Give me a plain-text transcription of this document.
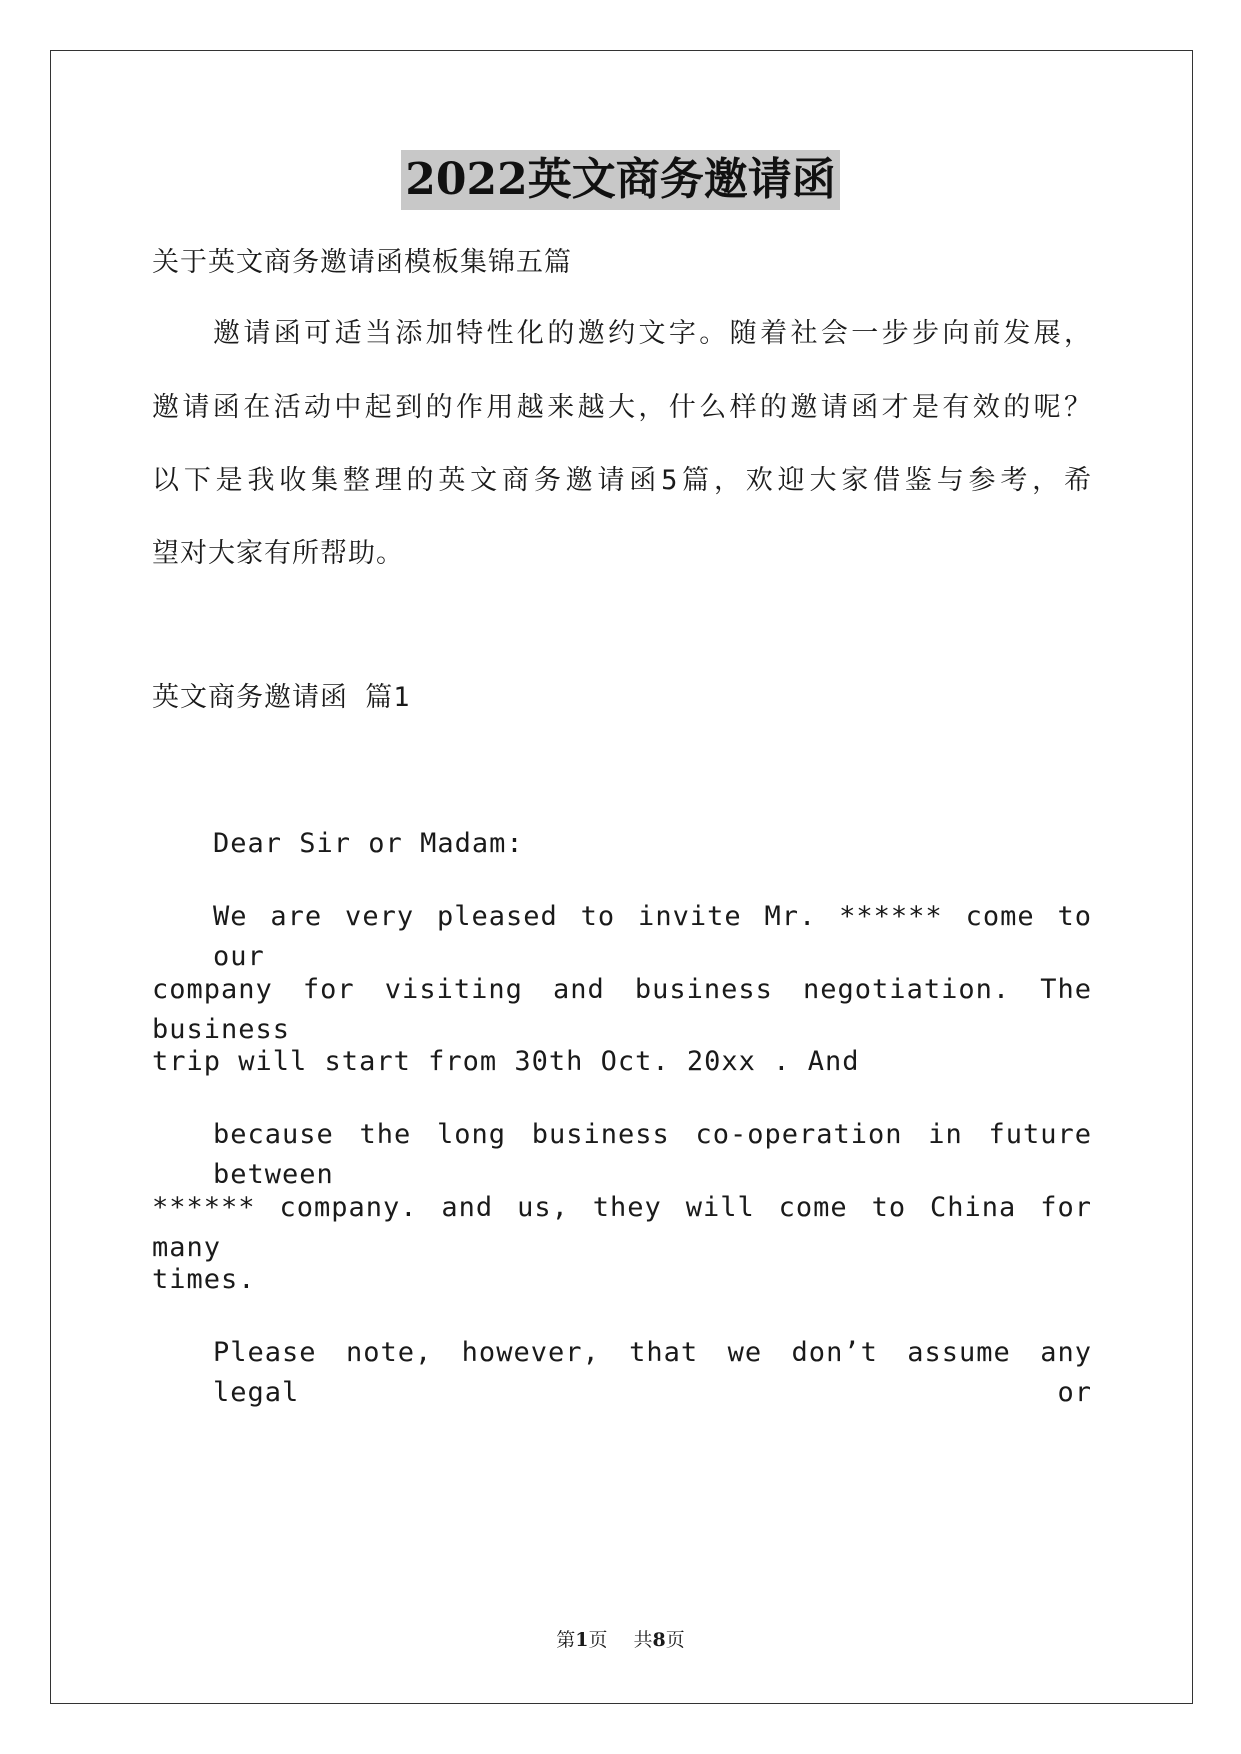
2022英文商务邀请函
关于英文商务邀请函模板集锦五篇
邀请函可适当添加特性化的邀约文字。随着社会一步步向前发展，
邀请函在活动中起到的作用越来越大，什么样的邀请函才是有效的呢？
以下是我收集整理的英文商务邀请函5篇，欢迎大家借鉴与参考，希
望对大家有所帮助。
英文商务邀请函 篇1
Dear Sir or Madam:
We are very pleased to invite Mr. ****** come to our
company for visiting and business negotiation. The business
trip will start from 30th Oct. 20xx . And
because the long business co-operation in future between
****** company. and us, they will come to China for many
times.
Please note, however, that we don’t assume any legal or
第1页 共8页
